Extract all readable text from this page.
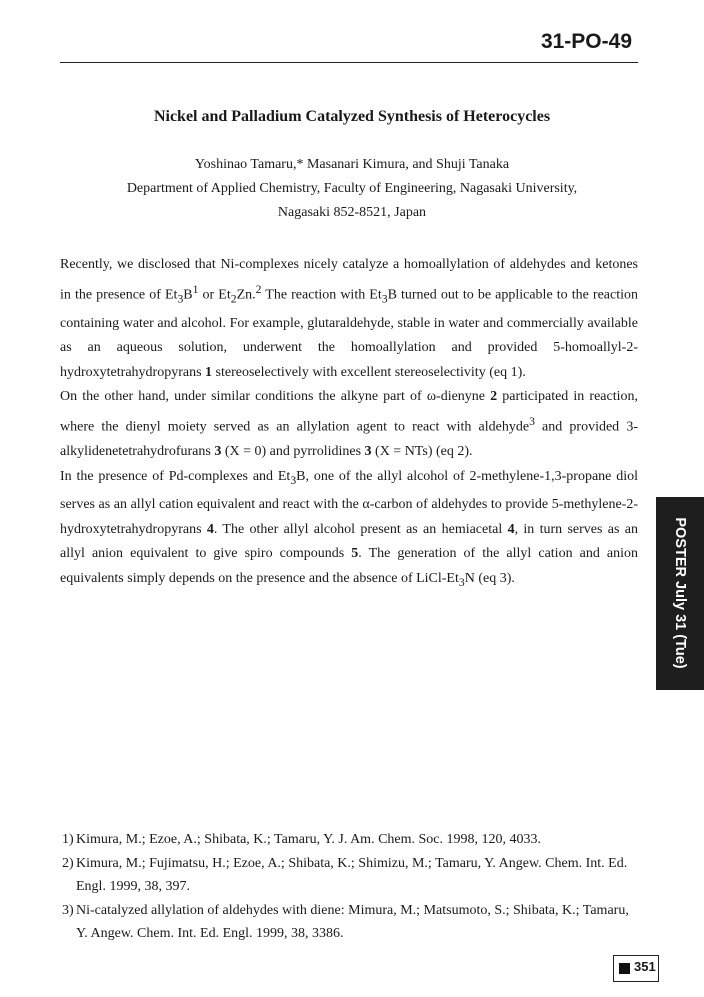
31-PO-49
Nickel and Palladium Catalyzed Synthesis of Heterocycles
Yoshinao Tamaru,* Masanari Kimura, and Shuji Tanaka
Department of Applied Chemistry, Faculty of Engineering, Nagasaki University,
Nagasaki 852-8521, Japan

Recently, we disclosed that Ni-complexes nicely catalyze a homoallylation of aldehydes and ketones in the presence of $Et_3B^1$ or $Et_2Zn.^2$ The reaction with $Et_3B$ turned out to be applicable to the reaction containing water and alcohol. For example, glutaraldehyde, stable in water and commercially available as an aqueous solution, underwent the homoallylation and provided 5-homoallyl-2-hydroxytetrahydropyrans 1 stereoselectively with excellent stereoselectivity (eq 1).

On the other hand, under similar conditions the alkyne part of ω-dienyne 2 participated in reaction, where the dienyl moiety served as an allylation agent to react with aldehyde$^3$ and provided 3-alkylidenetetrahydrofurans 3 (X = 0) and pyrrolidines 3 (X = NTs) (eq 2).

In the presence of Pd-complexes and $Et_3B$, one of the allyl alcohol of 2-methylene-1,3-propane diol serves as an allyl cation equivalent and react with the α-carbon of aldehydes to provide 5-methylene-2-hydroxytetrahydropyrans 4. The other allyl alcohol present as an hemiacetal 4, in turn serves as an allyl anion equivalent to give spiro compounds 5. The generation of the allyl cation and anion equivalents simply depends on the presence and the absence of LiCl-$Et_3N$ (eq 3).	POSTER July 31 (Tue)
1) Kimura, M.; Ezoe, A.; Shibata, K.; Tamaru, Y. J. Am. Chem. Soc. 1998, 120, 4033.
2) Kimura, M.; Fujimatsu, H.; Ezoe, A.; Shibata, K.; Shimizu, M.; Tamaru, Y. Angew. Chem. Int. Ed. Engl. 1999, 38, 397.
3) Ni-catalyzed allylation of aldehydes with diene: Mimura, M.; Matsumoto, S.; Shibata, K.; Tamaru, Y. Angew. Chem. Int. Ed. Engl. 1999, 38, 3386.
351
